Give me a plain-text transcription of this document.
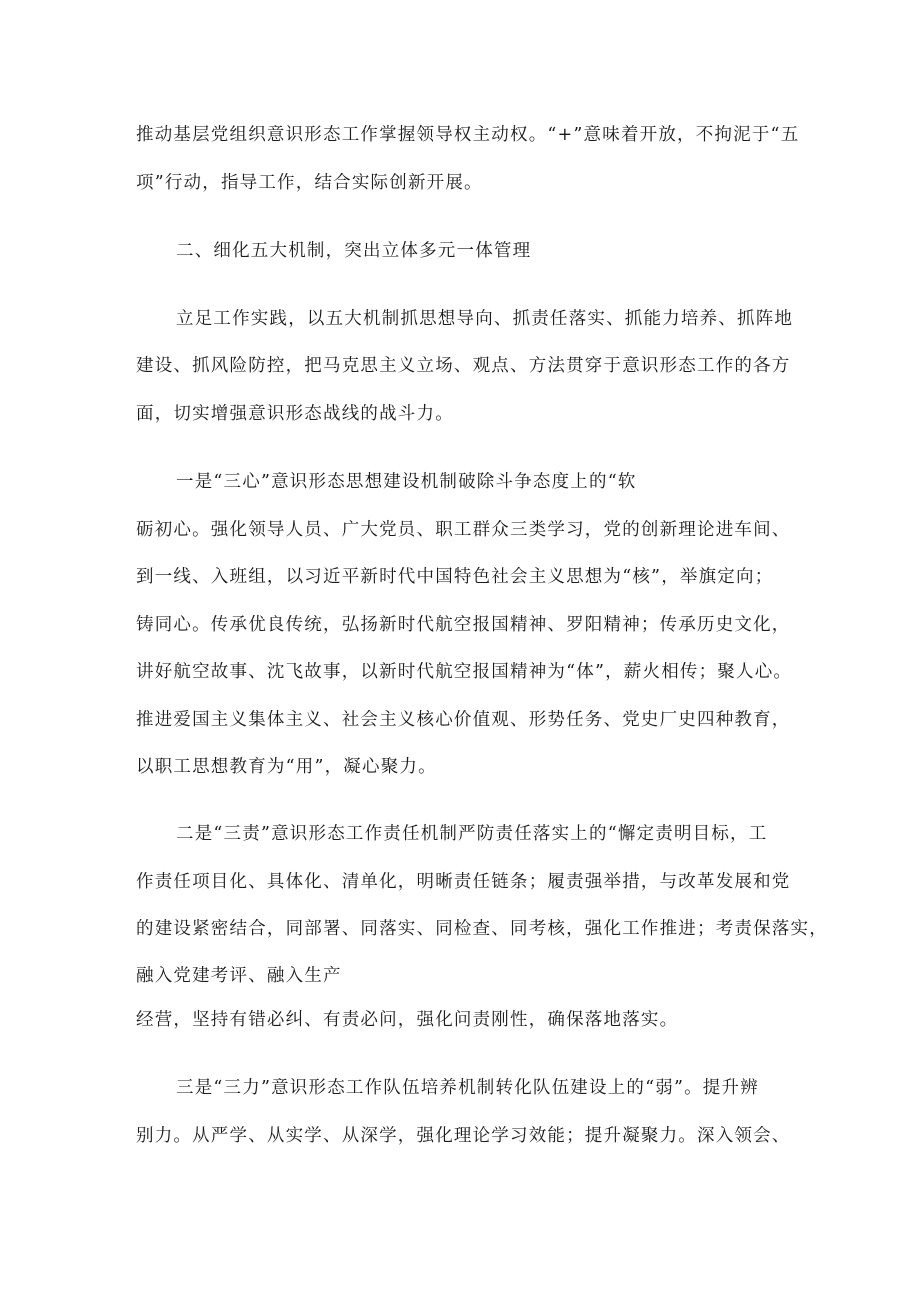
推动基层党组织意识形态工作掌握领导权主动权。“+”意味着开放，不拘泥于“五
项”行动，指导工作，结合实际创新开展。
二、细化五大机制，突出立体多元一体管理
立足工作实践，以五大机制抓思想导向、抓责任落实、抓能力培养、抓阵地
建设、抓风险防控，把马克思主义立场、观点、方法贯穿于意识形态工作的各方
面，切实增强意识形态战线的战斗力。
一是“三心”意识形态思想建设机制破除斗争态度上的“软
砺初心。强化领导人员、广大党员、职工群众三类学习，党的创新理论进车间、
到一线、入班组，以习近平新时代中国特色社会主义思想为“核”，举旗定向；
铸同心。传承优良传统，弘扬新时代航空报国精神、罗阳精神；传承历史文化，
讲好航空故事、沈飞故事，以新时代航空报国精神为“体”，薪火相传；聚人心。
推进爱国主义集体主义、社会主义核心价值观、形势任务、党史厂史四种教育，
以职工思想教育为“用”，凝心聚力。
二是“三责”意识形态工作责任机制严防责任落实上的“懈定责明目标，工
作责任项目化、具体化、清单化，明晰责任链条；履责强举措，与改革发展和党
的建设紧密结合，同部署、同落实、同检查、同考核，强化工作推进；考责保落实，
融入党建考评、融入生产
经营，坚持有错必纠、有责必问，强化问责刚性，确保落地落实。
三是“三力”意识形态工作队伍培养机制转化队伍建设上的“弱”。提升辨
别力。从严学、从实学、从深学，强化理论学习效能；提升凝聚力。深入领会、
